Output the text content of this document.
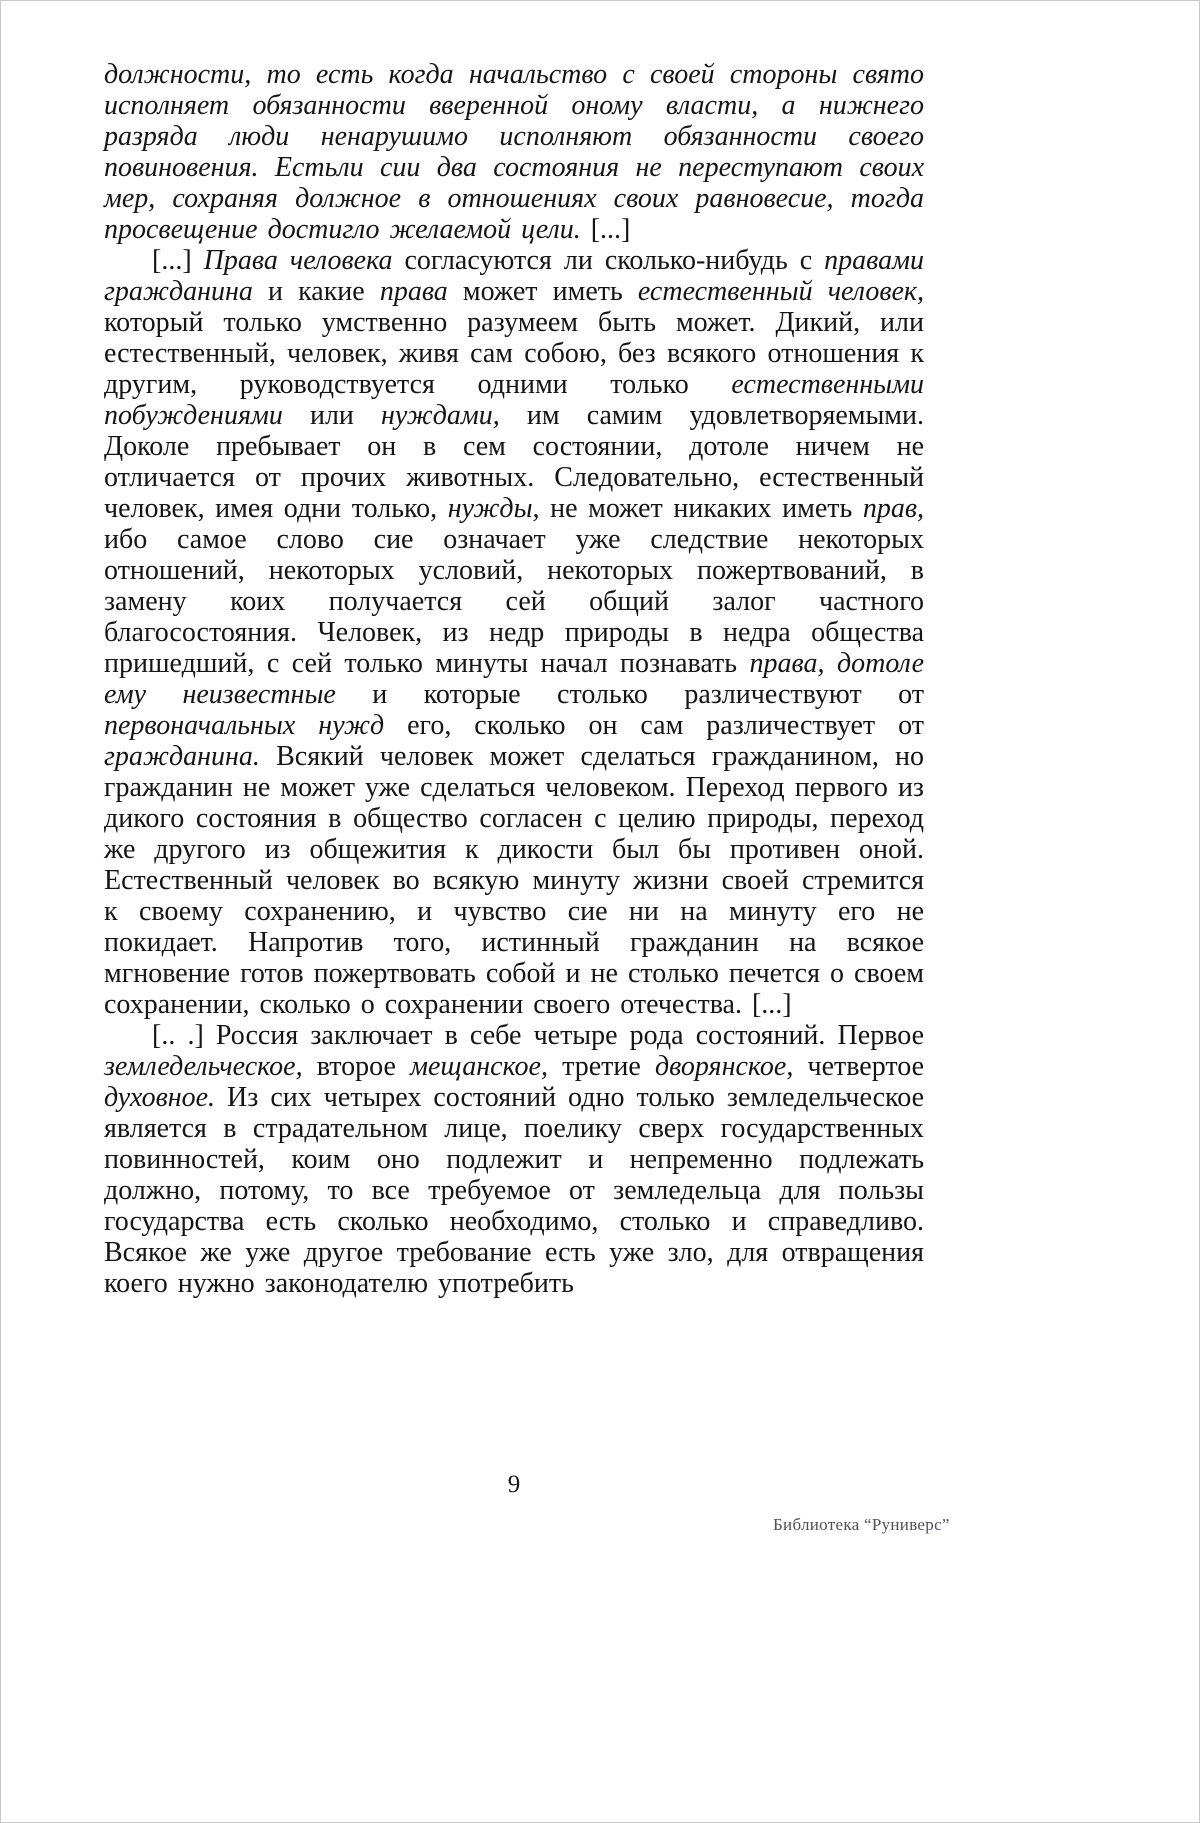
должности, то есть когда начальство с своей стороны свято исполняет обязанности вверенной оному власти, а нижнего разряда люди ненарушимо исполняют обязанности своего повиновения. Естьли сии два состояния не переступают своих мер, сохраняя должное в отношениях своих равновесие, тогда просвещение достигло желаемой цели. [...]

[...] Права человека согласуются ли сколько-нибудь с правами гражданина и какие права может иметь естественный человек, который только умственно разумеем быть может. Дикий, или естественный, человек, живя сам собою, без всякого отношения к другим, руководствуется одними только естественными побуждениями или нуждами, им самим удовлетворяемыми. Доколе пребывает он в сем состоянии, дотоле ничем не отличается от прочих животных. Следовательно, естественный человек, имея одни только, нужды, не может никаких иметь прав, ибо самое слово сие означает уже следствие некоторых отношений, некоторых условий, некоторых пожертвований, в замену коих получается сей общий залог частного благосостояния. Человек, из недр природы в недра общества пришедший, с сей только минуты начал познавать права, дотоле ему неизвестные и которые столько различествуют от первоначальных нужд его, сколько он сам различествует от гражданина. Всякий человек может сделаться гражданином, но гражданин не может уже сделаться человеком. Переход первого из дикого состояния в общество согласен с целию природы, переход же другого из общежития к дикости был бы противен оной. Естественный человек во всякую минуту жизни своей стремится к своему сохранению, и чувство сие ни на минуту его не покидает. Напротив того, истинный гражданин на всякое мгновение готов пожертвовать собой и не столько печется о своем сохранении, сколько о сохранении своего отечества. [...]

[.. .] Россия заключает в себе четыре рода состояний. Первое земледельческое, второе мещанское, третие дворянское, четвертое духовное. Из сих четырех состояний одно только земледельческое является в страдательном лице, поелику сверх государственных повинностей, коим оно подлежит и непременно подлежать должно, потому, то все требуемое от земледельца для пользы государства есть сколько необходимо, столько и справедливо. Всякое же уже другое требование есть уже зло, для отвращения коего нужно законодателю употребить

9
Библиотека “Руниверс”
